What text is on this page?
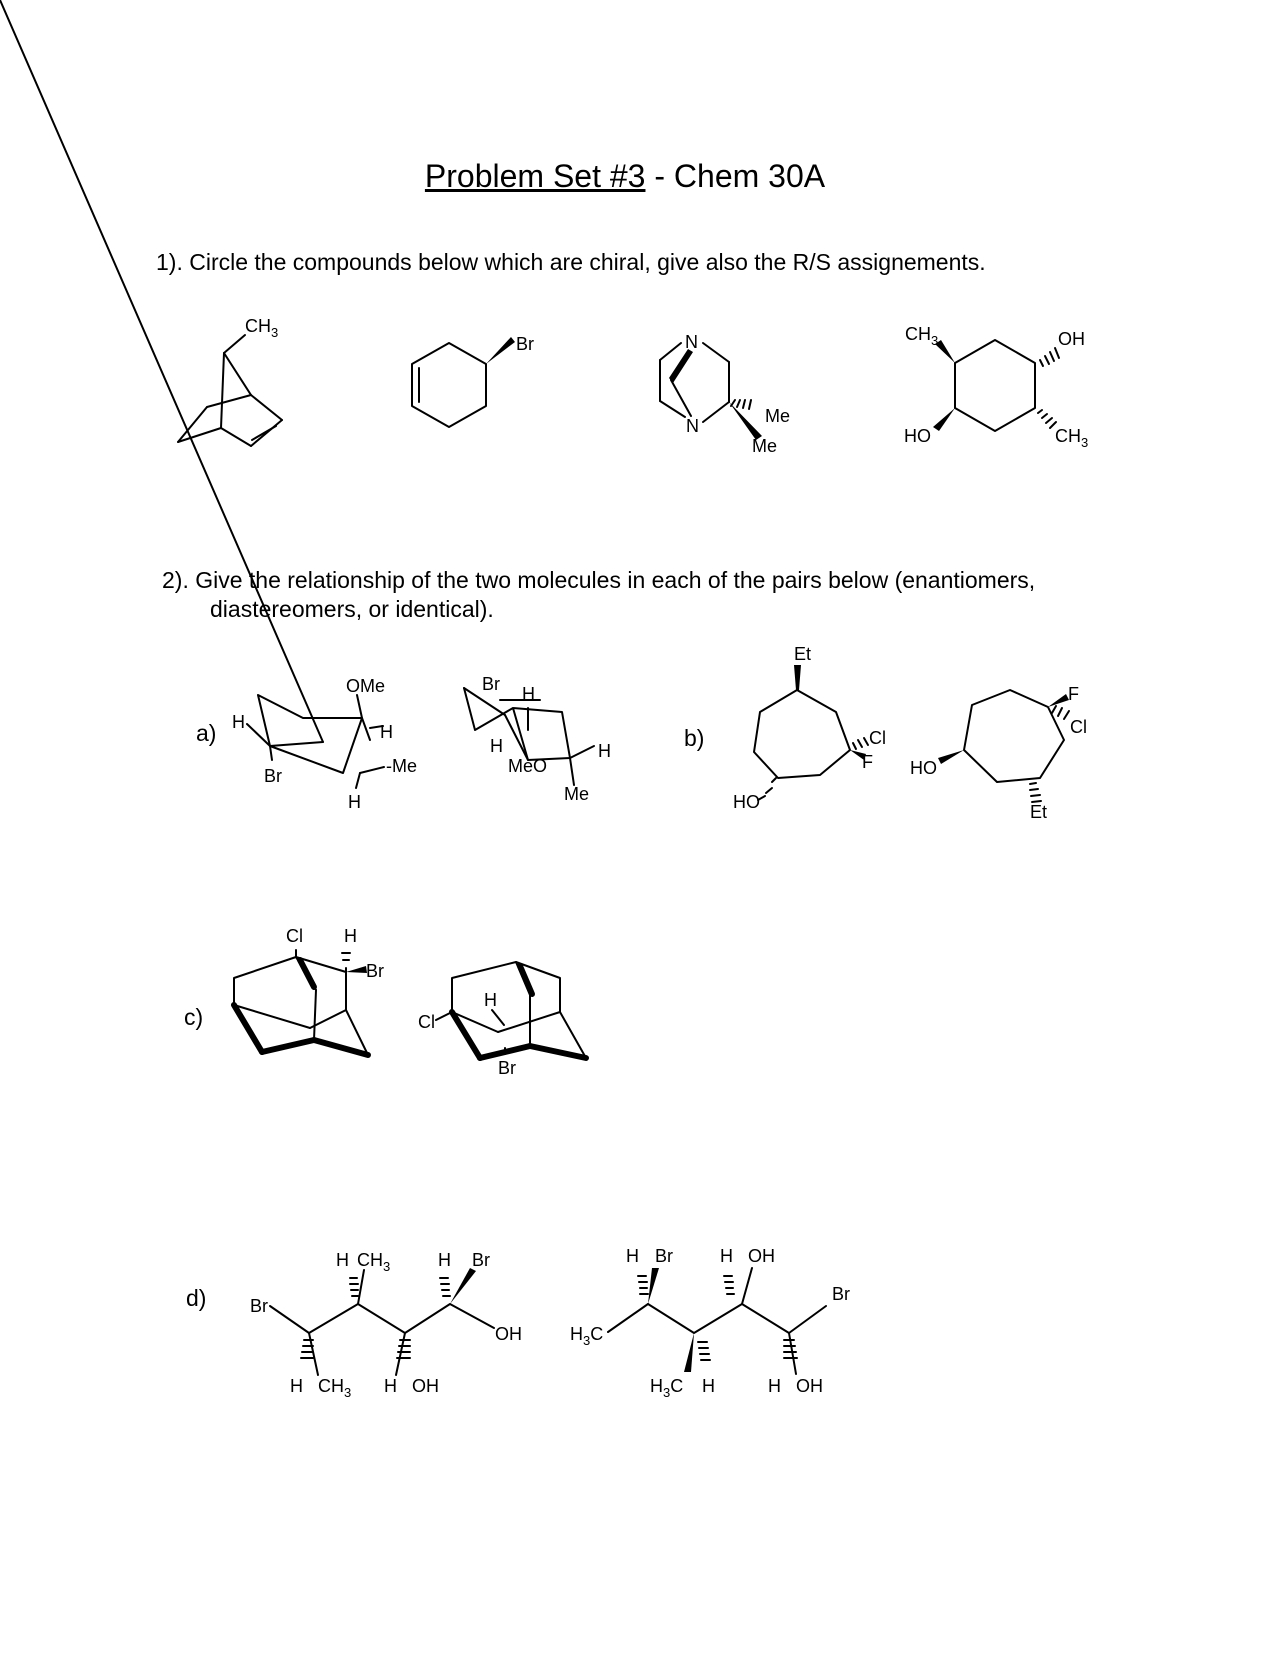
Problem Set #3 - Chem 30A
1). Circle the compounds below which are chiral, give also the R/S assignements.
2). Give the relationship of the two molecules in each of the pairs below (enantiomers,
diastereomers, or identical).
a)	b)
c)
d)
$CH_3$
Br	N
N	Me
Me
$CH_3$
HO
OH
$CH_3$
H
OMe
H
-Me
H
Br
Br H
H
MeO
H
Me
Et
HO
Cl
F
F
Cl
HO
Et
Cl H
Br
Cl
H
Br
Br
H $CH_3$	H Br
OH
H $CH_3$ H OH
$H_3C$
H Br	H OH
Br
$H_3C$ H	H OH
